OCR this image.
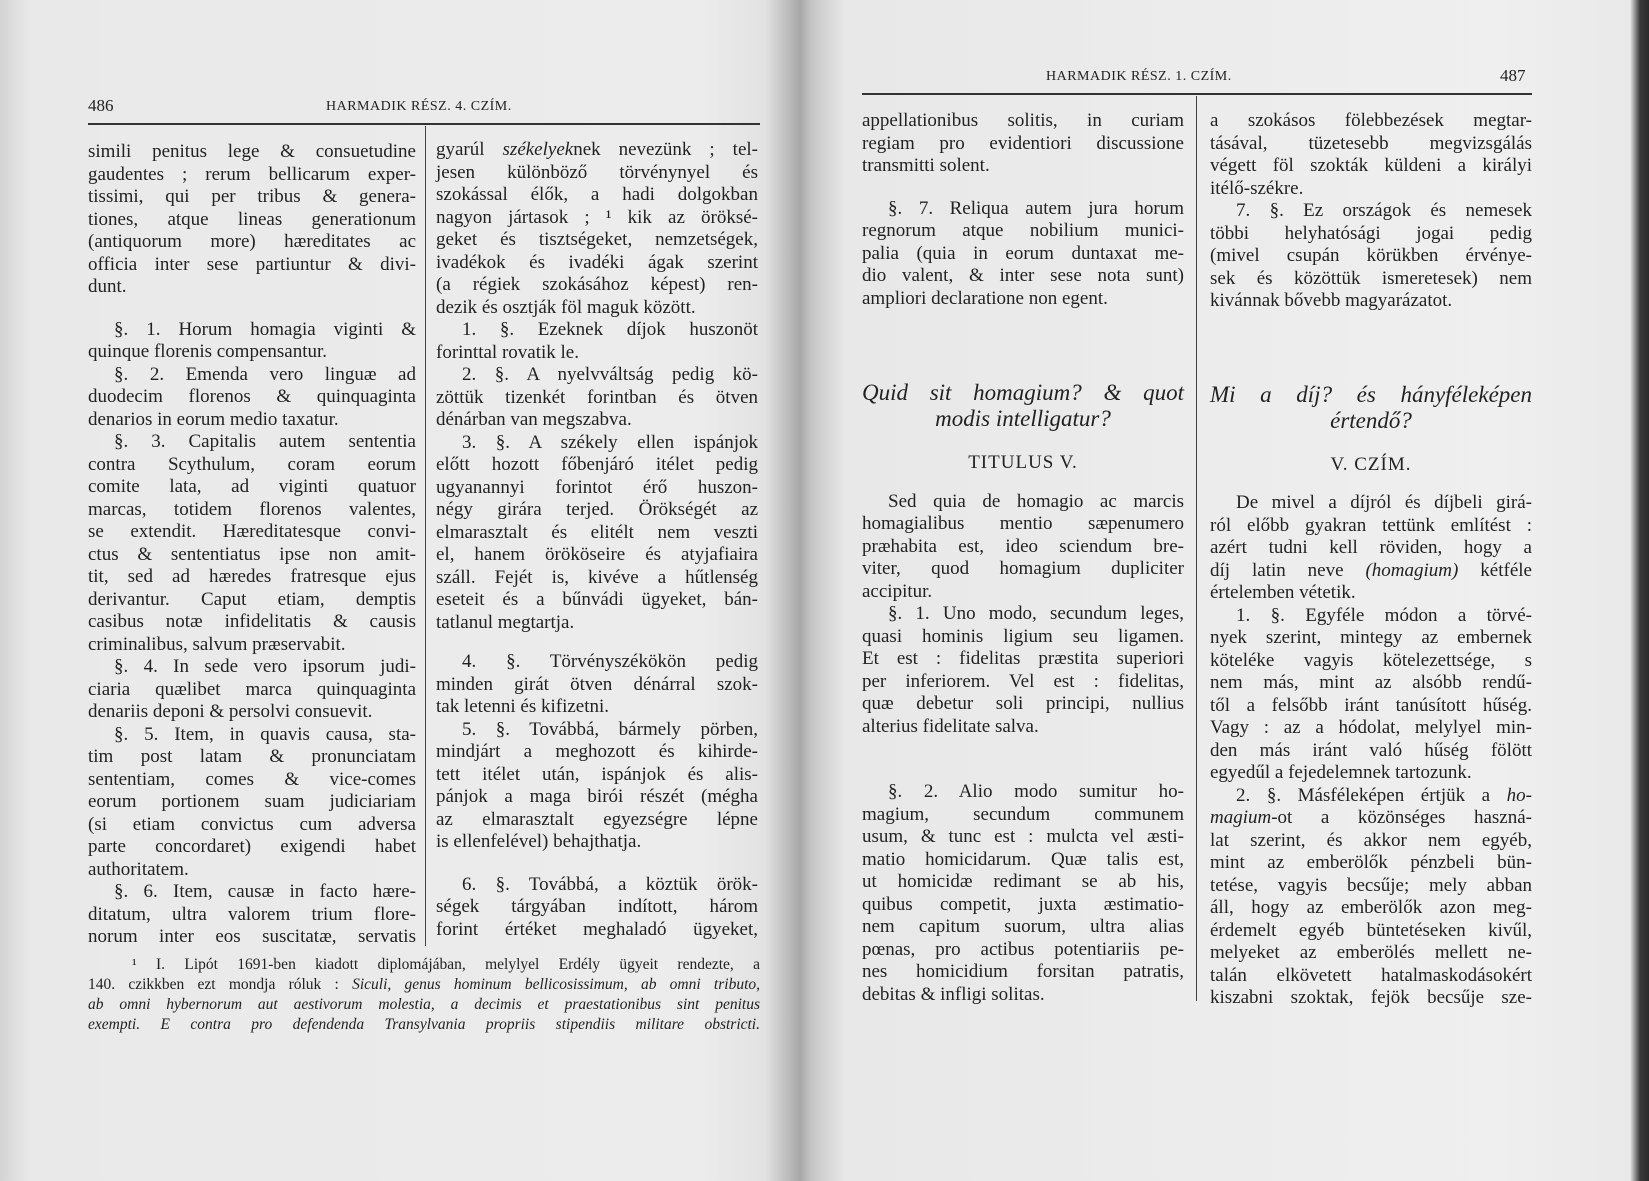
486	HARMADIK RÉSZ. 4. CZÍM.
simili penitus lege & consuetudine
gaudentes ; rerum bellicarum exper-
tissimi, qui per tribus & genera-
tiones, atque lineas generationum
(antiquorum more) hæreditates ac
officia inter sese partiuntur & divi-
dunt.
§. 1. Horum homagia viginti &
quinque florenis compensantur.
§. 2. Emenda vero linguæ ad
duodecim florenos & quinquaginta
denarios in eorum medio taxatur.
§. 3. Capitalis autem sententia
contra Scythulum, coram eorum
comite lata, ad viginti quatuor
marcas, totidem florenos valentes,
se extendit. Hæreditatesque convi-
ctus & sententiatus ipse non amit-
tit, sed ad hæredes fratresque ejus
derivantur. Caput etiam, demptis
casibus notæ infidelitatis & causis
criminalibus, salvum præservabit.
§. 4. In sede vero ipsorum judi-
ciaria quælibet marca quinquaginta
denariis deponi & persolvi consuevit.
§. 5. Item, in quavis causa, sta-
tim post latam & pronunciatam
sententiam, comes & vice-comes
eorum portionem suam judiciariam
(si etiam convictus cum adversa
parte concordaret) exigendi habet
authoritatem.
§. 6. Item, causæ in facto hære-
ditatum, ultra valorem trium flore-
norum inter eos suscitatæ, servatis
gyarúl székelyeknek nevezünk ; tel-
jesen különböző törvénynyel és
szokással élők, a hadi dolgokban
nagyon jártasok ; ¹ kik az öröksé-
geket és tisztségeket, nemzetségek,
ivadékok és ivadéki ágak szerint
(a régiek szokásához képest) ren-
dezik és osztják föl maguk között.
1. §. Ezeknek díjok huszonöt
forinttal rovatik le.
2. §. A nyelvváltság pedig kö-
zöttük tizenkét forintban és ötven
dénárban van megszabva.
3. §. A székely ellen ispánjok
előtt hozott főbenjáró itélet pedig
ugyanannyi forintot érő huszon-
négy girára terjed. Örökségét az
elmarasztalt és elitélt nem veszti
el, hanem örököseire és atyjafiaira
száll. Fejét is, kivéve a hűtlenség
eseteit és a bűnvádi ügyeket, bán-
tatlanul megtartja.
4. §. Törvényszékökön pedig
minden girát ötven dénárral szok-
tak letenni és kifizetni.
5. §. Továbbá, bármely pörben,
mindjárt a meghozott és kihirde-
tett itélet után, ispánjok és alis-
pánjok a maga birói részét (mégha
az elmarasztalt egyezségre lépne
is ellenfelével) behajthatja.
6. §. Továbbá, a köztük örök-
ségek tárgyában indított, három
forint értéket meghaladó ügyeket,
¹ I. Lipót 1691-ben kiadott diplomájában, melylyel Erdély ügyeit rendezte, a
140. czikkben ezt mondja róluk : Siculi, genus hominum bellicosissimum, ab omni tributo,
ab omni hybernorum aut aestivorum molestia, a decimis et praestationibus sint penitus
exempti. E contra pro defendenda Transylvania propriis stipendiis militare obstricti.
HARMADIK RÉSZ. 1. CZÍM.	487
appellationibus solitis, in curiam
regiam pro evidentiori discussione
transmitti solent.
§. 7. Reliqua autem jura horum
regnorum atque nobilium munici-
palia (quia in eorum duntaxat me-
dio valent, & inter sese nota sunt)
ampliori declaratione non egent.
Quid sit homagium? & quot
modis intelligatur?
TITULUS V.
Sed quia de homagio ac marcis
homagialibus mentio sæpenumero
præhabita est, ideo sciendum bre-
viter, quod homagium dupliciter
accipitur.
§. 1. Uno modo, secundum leges,
quasi hominis ligium seu ligamen.
Et est : fidelitas præstita superiori
per inferiorem. Vel est : fidelitas,
quæ debetur soli principi, nullius
alterius fidelitate salva.
§. 2. Alio modo sumitur ho-
magium, secundum communem
usum, & tunc est : mulcta vel æsti-
matio homicidarum. Quæ talis est,
ut homicidæ redimant se ab his,
quibus competit, juxta æstimatio-
nem capitum suorum, ultra alias
pœnas, pro actibus potentiariis pe-
nes homicidium forsitan patratis,
debitas & infligi solitas.
a szokásos fölebbezések megtar-
tásával, tüzetesebb megvizsgálás
végett föl szokták küldeni a királyi
itélő-székre.
7. §. Ez országok és nemesek
többi helyhatósági jogai pedig
(mivel csupán körükben érvénye-
sek és közöttük ismeretesek) nem
kivánnak bővebb magyarázatot.
Mi a díj? és hányféleképen
értendő?
V. CZÍM.
De mivel a díjról és díjbeli girá-
ról előbb gyakran tettünk említést :
azért tudni kell röviden, hogy a
díj latin neve (homagium) kétféle
értelemben vétetik.
1. §. Egyféle módon a törvé-
nyek szerint, mintegy az embernek
köteléke vagyis kötelezettsége, s
nem más, mint az alsóbb rendű-
től a felsőbb iránt tanúsított hűség.
Vagy : az a hódolat, melylyel min-
den más iránt való hűség fölött
egyedűl a fejedelemnek tartozunk.
2. §. Másféleképen értjük a ho-
magium-ot a közönséges haszná-
lat szerint, és akkor nem egyéb,
mint az emberölők pénzbeli bün-
tetése, vagyis becsűje; mely abban
áll, hogy az emberölők azon meg-
érdemelt egyéb büntetéseken kivűl,
melyeket az emberölés mellett ne-
talán elkövetett hatalmaskodásokért
kiszabni szoktak, fejök becsűje sze-
